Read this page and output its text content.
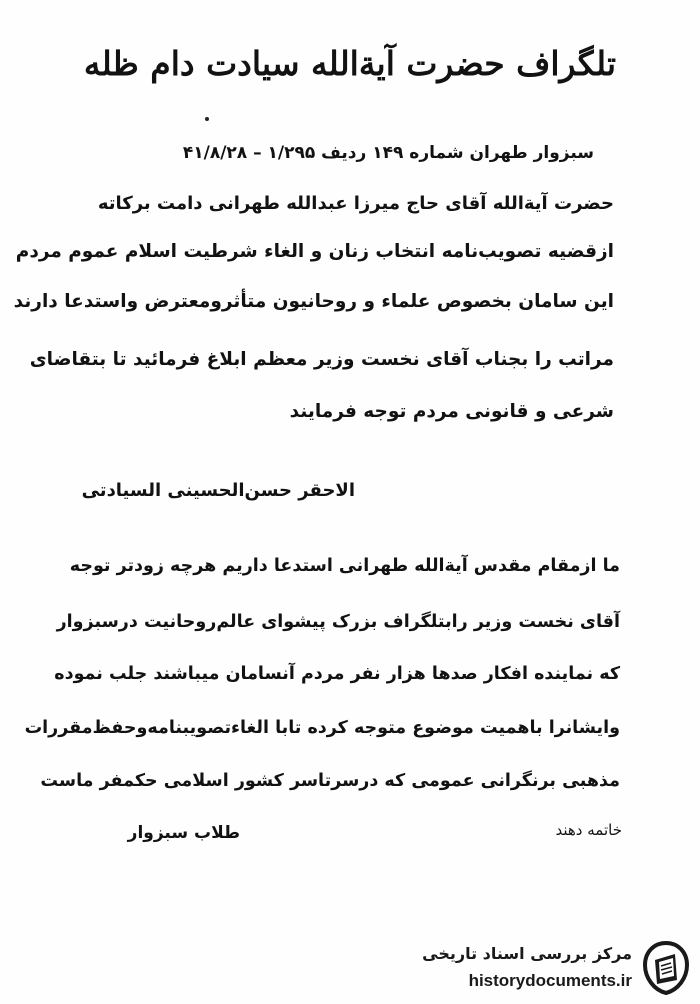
تلگراف حضرت آیة‌الله سیادت دام ظله
سبزوار طهران شماره ۱۴۹ ردیف ۱/۲۹۵ – ۴۱/۸/۲۸
حضرت آیةالله آقای حاج میرزا عبدالله طهرانی دامت برکاته
ازقضیه تصویب‌نامه انتخاب زنان و الغاء شرطیت اسلام عموم مردم
این سامان بخصوص علماء و روحانیون متأثرومعترض واستدعا دارند
مراتب را بجناب آقای نخست وزیر معظم ابلاغ فرمائید تا بتقاضای
شرعی و قانونی مردم توجه فرمایند
الاحقر حسن‌الحسینی السیادتی
ما ازمقام مقدس آیةالله طهرانی استدعا داریم هرچه زودتر توجه
آقای نخست وزیر رابتلگراف بزرک پیشوای عالم‌روحانیت درسبزوار
که نماینده افکار صدها هزار نفر مردم آنسامان میباشند جلب نموده
وایشانرا باهمیت موضوع متوجه کرده تابا الغاءتصویبنامه‌وحفظ‌مقررات
مذهبی برنگرانی عمومی که درسرتاسر کشور اسلامی حکمفر ماست
خاتمه دهند
طلاب سبزوار
مرکز بررسی اسناد تاریخی
historydocuments.ir
